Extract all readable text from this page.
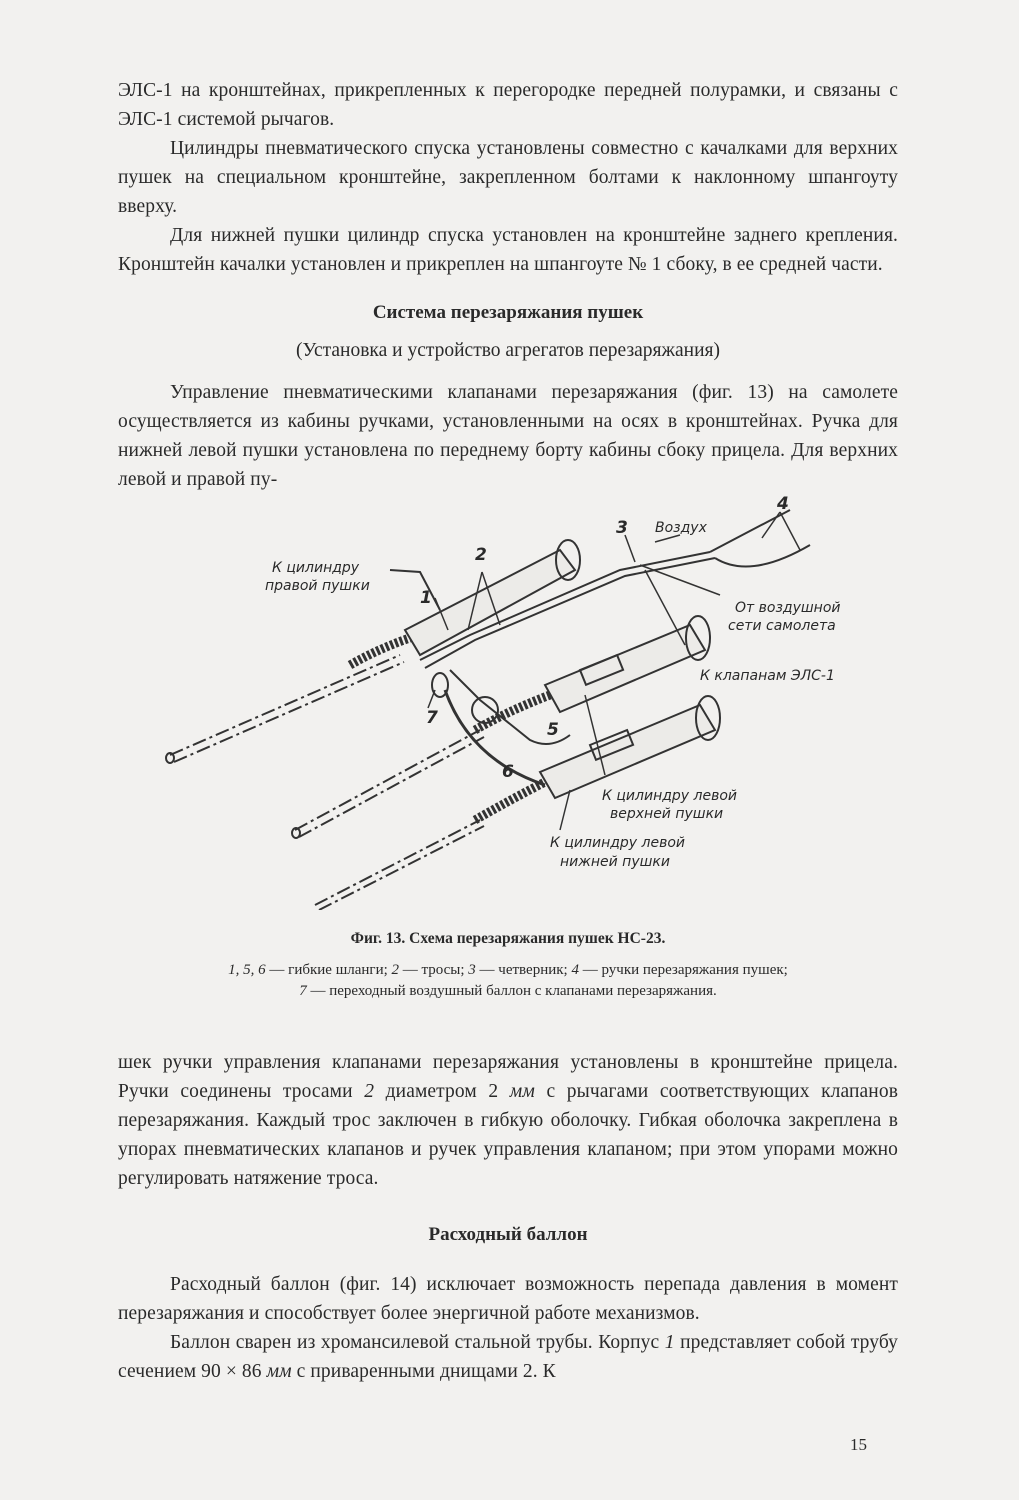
ЭЛС-1 на кронштейнах, прикрепленных к перегородке передней полурамки, и связаны с ЭЛС-1 системой рычагов.

Цилиндры пневматического спуска установлены совместно с качалками для верхних пушек на специальном кронштейне, закрепленном болтами к наклонному шпангоуту вверху.

Для нижней пушки цилиндр спуска установлен на кронштейне заднего крепления. Кронштейн качалки установлен и прикреплен на шпангоуте № 1 сбоку, в ее средней части.

Система перезаряжания пушек
(Установка и устройство агрегатов перезаряжания)

Управление пневматическими клапанами перезаряжания (фиг. 13) на самолете осуществляется из кабины ручками, установленными на осях в кронштейнах. Ручка для нижней левой пушки установлена по переднему борту кабины сбоку прицела. Для верхних левой и правой пу-

1
2
3
4
5
6
7
К цилиндру
правой пушки
Воздух
От воздушной
сети самолета
К клапанам ЭЛС-1
К цилиндру левой
верхней пушки
К цилиндру левой
нижней пушки
Фиг. 13. Схема перезаряжания пушек НС-23.
1, 5, 6 — гибкие шланги; 2 — тросы; 3 — четверник; 4 — ручки перезаряжания пушек;
7 — переходный воздушный баллон с клапанами перезаряжания.

шек ручки управления клапанами перезаряжания установлены в кронштейне прицела. Ручки соединены тросами 2 диаметром 2 мм с рычагами соответствующих клапанов перезаряжания. Каждый трос заключен в гибкую оболочку. Гибкая оболочка закреплена в упорах пневматических клапанов и ручек управления клапаном; при этом упорами можно регулировать натяжение троса.

Расходный баллон

Расходный баллон (фиг. 14) исключает возможность перепада давления в момент перезаряжания и способствует более энергичной работе механизмов.

Баллон сварен из хромансилевой стальной трубы. Корпус 1 представляет собой трубу сечением 90 × 86 мм с приваренными днищами 2. К

15
